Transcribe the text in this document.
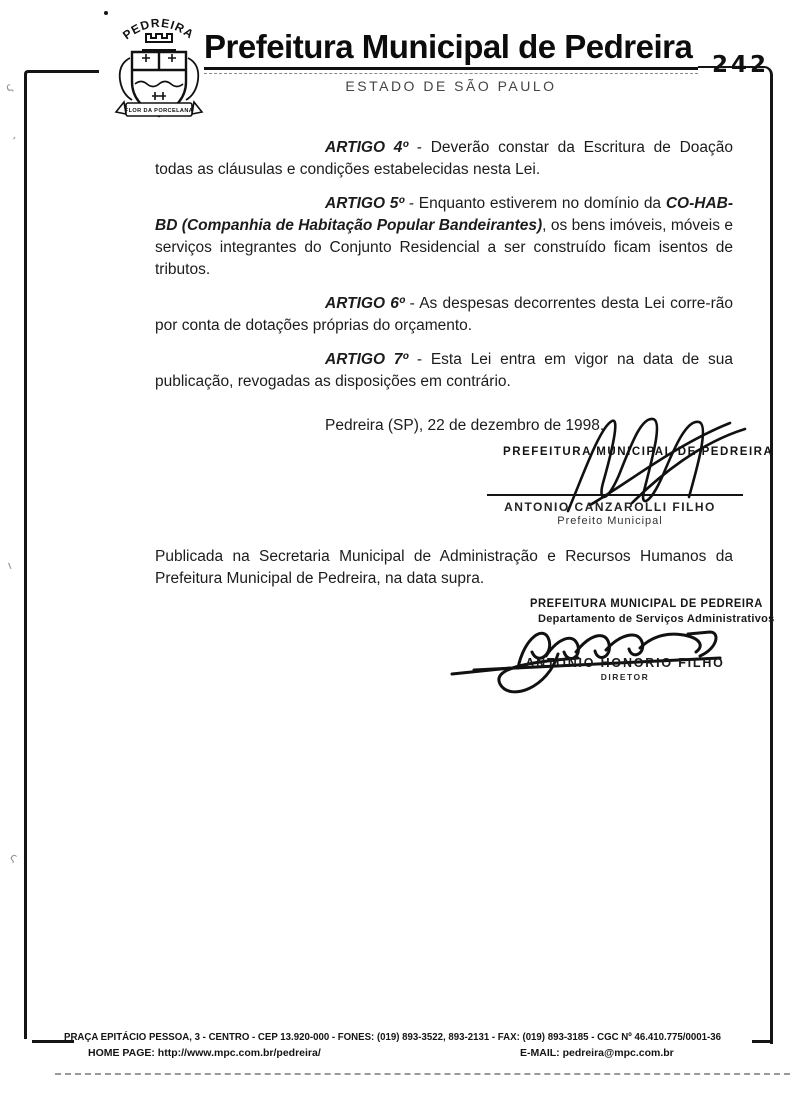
ς
,
ι
ς
PEDREIRA
FLOR DA PORCELANA
Prefeitura Municipal de Pedreira
ESTADO DE SÃO PAULO
242

ARTIGO 4º - Deverão constar da Escritura de Doação todas as cláusulas e condições estabelecidas nesta Lei.

ARTIGO 5º - Enquanto estiverem no domínio da CO-HAB-BD (Companhia de Habitação Popular Bandeirantes), os bens imóveis, móveis e serviços integrantes do Conjunto Residencial a ser construído ficam isentos de tributos.

ARTIGO 6º - As despesas decorrentes desta Lei corre-rão por conta de dotações próprias do orçamento.

ARTIGO 7º - Esta Lei entra em vigor na data de sua publicação, revogadas as disposições em contrário.

Pedreira (SP), 22 de dezembro de 1998.

PREFEITURA MUNICIPAL DE PEDREIRA
ANTONIO CANZAROLLI FILHO
Prefeito Municipal

Publicada na Secretaria Municipal de Administração e Recursos Humanos da Prefeitura Municipal de Pedreira, na data supra.

PREFEITURA MUNICIPAL DE PEDREIRA
Departamento de Serviços Administrativos
ANTONIO HONORIO FILHO
DIRETOR
PRAÇA EPITÁCIO PESSOA, 3 - CENTRO - CEP 13.920-000 - FONES: (019) 893-3522, 893-2131 - FAX: (019) 893-3185 - CGC Nº 46.410.775/0001-36
HOME PAGE: http://www.mpc.com.br/pedreira/	E-MAIL: pedreira@mpc.com.br
